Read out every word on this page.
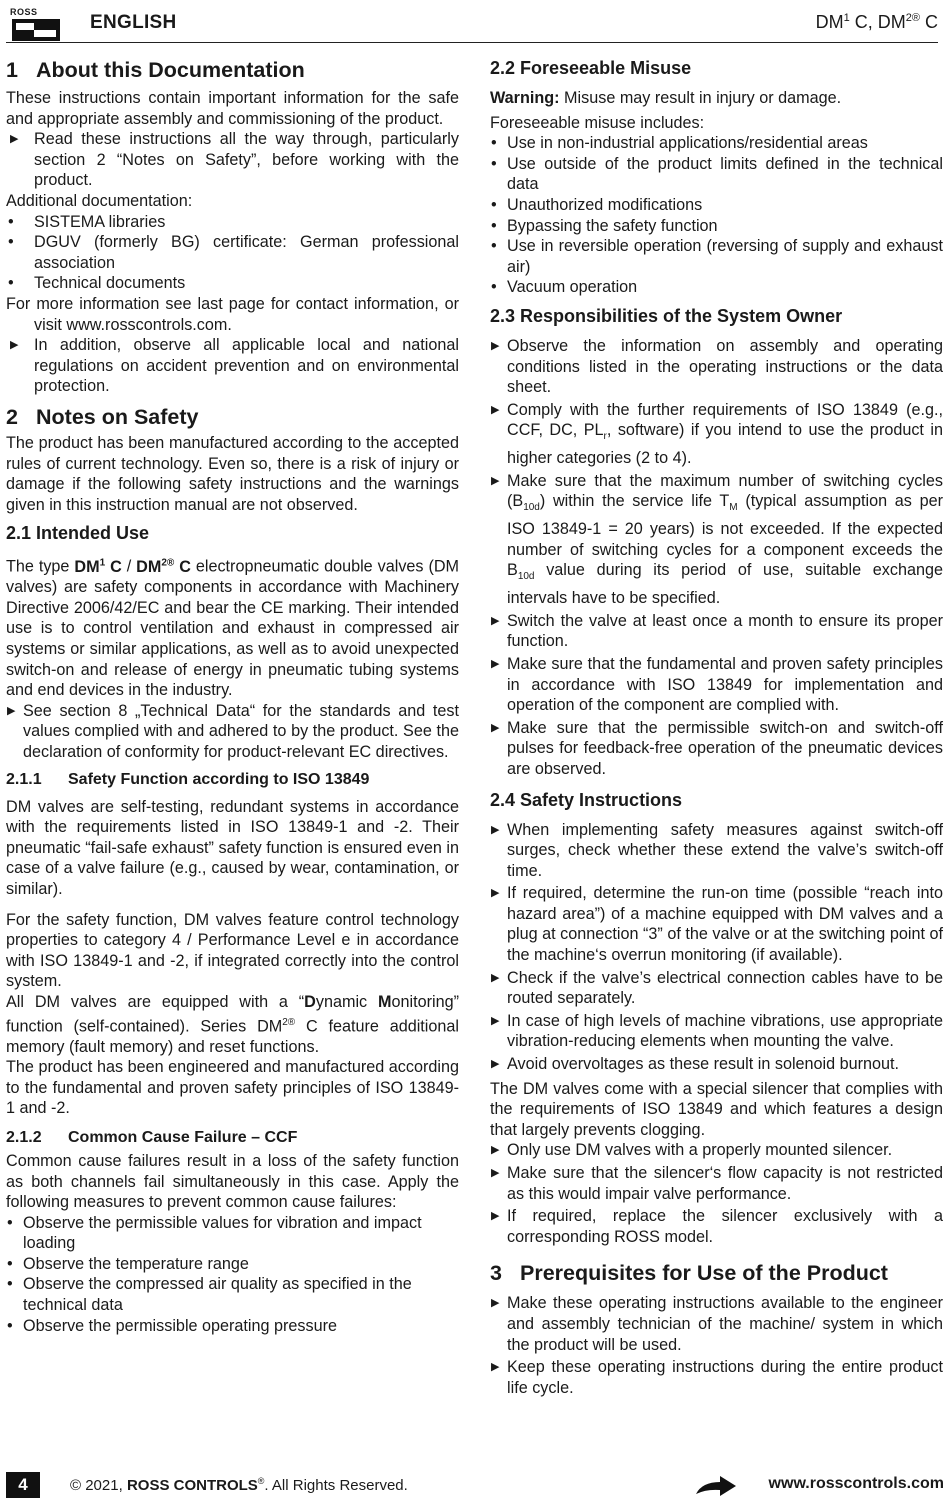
ROSS	ENGLISH	$DM^1$ C, $DM^{2®}$ C
1 About this Documentation

These instructions contain important information for the safe and appropriate assembly and commissioning of the product.

▶ Read these instructions all the way through, particularly section 2 “Notes on Safety”, before working with the product.

Additional documentation:

• SISTEMA libraries
• DGUV (formerly BG) certificate: German professional association
• Technical documents

For more information see last page for contact information, or visit www.rosscontrols.com.

▶ In addition, observe all applicable local and national regulations on accident prevention and on environmental protection.
2 Notes on Safety

The product has been manufactured according to the accepted rules of current technology. Even so, there is a risk of injury or damage if the following safety instructions and the warnings given in this instruction manual are not observed.

2.1 Intended Use

The type $DM^1$ C / $DM^{2®}$ C electropneumatic double valves (DM valves) are safety components in accordance with Machinery Directive 2006/42/EC and bear the CE marking. Their intended use is to control ventilation and exhaust in compressed air systems or similar applications, as well as to avoid unexpected switch-on and release of energy in pneumatic tubing systems and end devices in the industry.

▶ See section 8 „Technical Data“ for the standards and test values complied with and adhered to by the product. See the declaration of conformity for product-relevant EC directives.
2.1.1 Safety Function according to ISO 13849

DM valves are self-testing, redundant systems in accordance with the requirements listed in ISO 13849-1 and -2. Their pneumatic “fail-safe exhaust” safety function is ensured even in case of a valve failure (e.g., caused by wear, contamination, or similar).

For the safety function, DM valves feature control technology properties to category 4 / Performance Level e in accordance with ISO 13849-1 and -2, if integrated correctly into the control system.

All DM valves are equipped with a “Dynamic Monitoring” function (self-contained). Series $DM^{2®}$ C feature additional memory (fault memory) and reset functions.

The product has been engineered and manufactured according to the fundamental and proven safety principles of ISO 13849-1 and -2.

2.1.2 Common Cause Failure – CCF

Common cause failures result in a loss of the safety function as both channels fail simultaneously in this case. Apply the following measures to prevent common cause failures:

• Observe the permissible values for vibration and impact loading
• Observe the temperature range
• Observe the compressed air quality as specified in the technical data
• Observe the permissible operating pressure
2.2 Foreseeable Misuse

Warning: Misuse may result in injury or damage.

Foreseeable misuse includes:

• Use in non-industrial applications/residential areas
• Use outside of the product limits defined in the technical data
• Unauthorized modifications
• Bypassing the safety function
• Use in reversible operation (reversing of supply and exhaust air)
• Vacuum operation
2.3 Responsibilities of the System Owner
▶ Observe the information on assembly and operating conditions listed in the operating instructions or the data sheet.
▶ Comply with the further requirements of ISO 13849 (e.g., CCF, DC, $PL_r$, software) if you intend to use the product in higher categories (2 to 4).
▶ Make sure that the maximum number of switching cycles $(B_{10d})$ within the service life $T_M$ (typical assumption as per ISO 13849-1 = 20 years) is not exceeded. If the expected number of switching cycles for a component exceeds the $B_{10d}$ value during its period of use, suitable exchange intervals have to be specified.
▶ Switch the valve at least once a month to ensure its proper function.
▶ Make sure that the fundamental and proven safety principles in accordance with ISO 13849 for implementation and operation of the component are complied with.
▶ Make sure that the permissible switch-on and switch-off pulses for feedback-free operation of the pneumatic devices are observed.
2.4 Safety Instructions
▶ When implementing safety measures against switch-off surges, check whether these extend the valve’s switch-off time.
▶ If required, determine the run-on time (possible “reach into hazard area”) of a machine equipped with DM valves and a plug at connection “3” of the valve or at the switching point of the machine‘s overrun monitoring (if available).
▶ Check if the valve’s electrical connection cables have to be routed separately.
▶ In case of high levels of machine vibrations, use appropriate vibration-reducing elements when mounting the valve.
▶ Avoid overvoltages as these result in solenoid burnout.

The DM valves come with a special silencer that complies with the requirements of ISO 13849 and which features a design that largely prevents clogging.

▶ Only use DM valves with a properly mounted silencer.
▶ Make sure that the silencer‘s flow capacity is not restricted as this would impair valve performance.
▶ If required, replace the silencer exclusively with a corresponding ROSS model.
3 Prerequisites for Use of the Product
▶ Make these operating instructions available to the engineer and assembly technician of the machine/ system in which the product will be used.
▶ Keep these operating instructions during the entire product life cycle.
4	© 2021, ROSS CONTROLS®. All Rights Reserved.	www.rosscontrols.com
